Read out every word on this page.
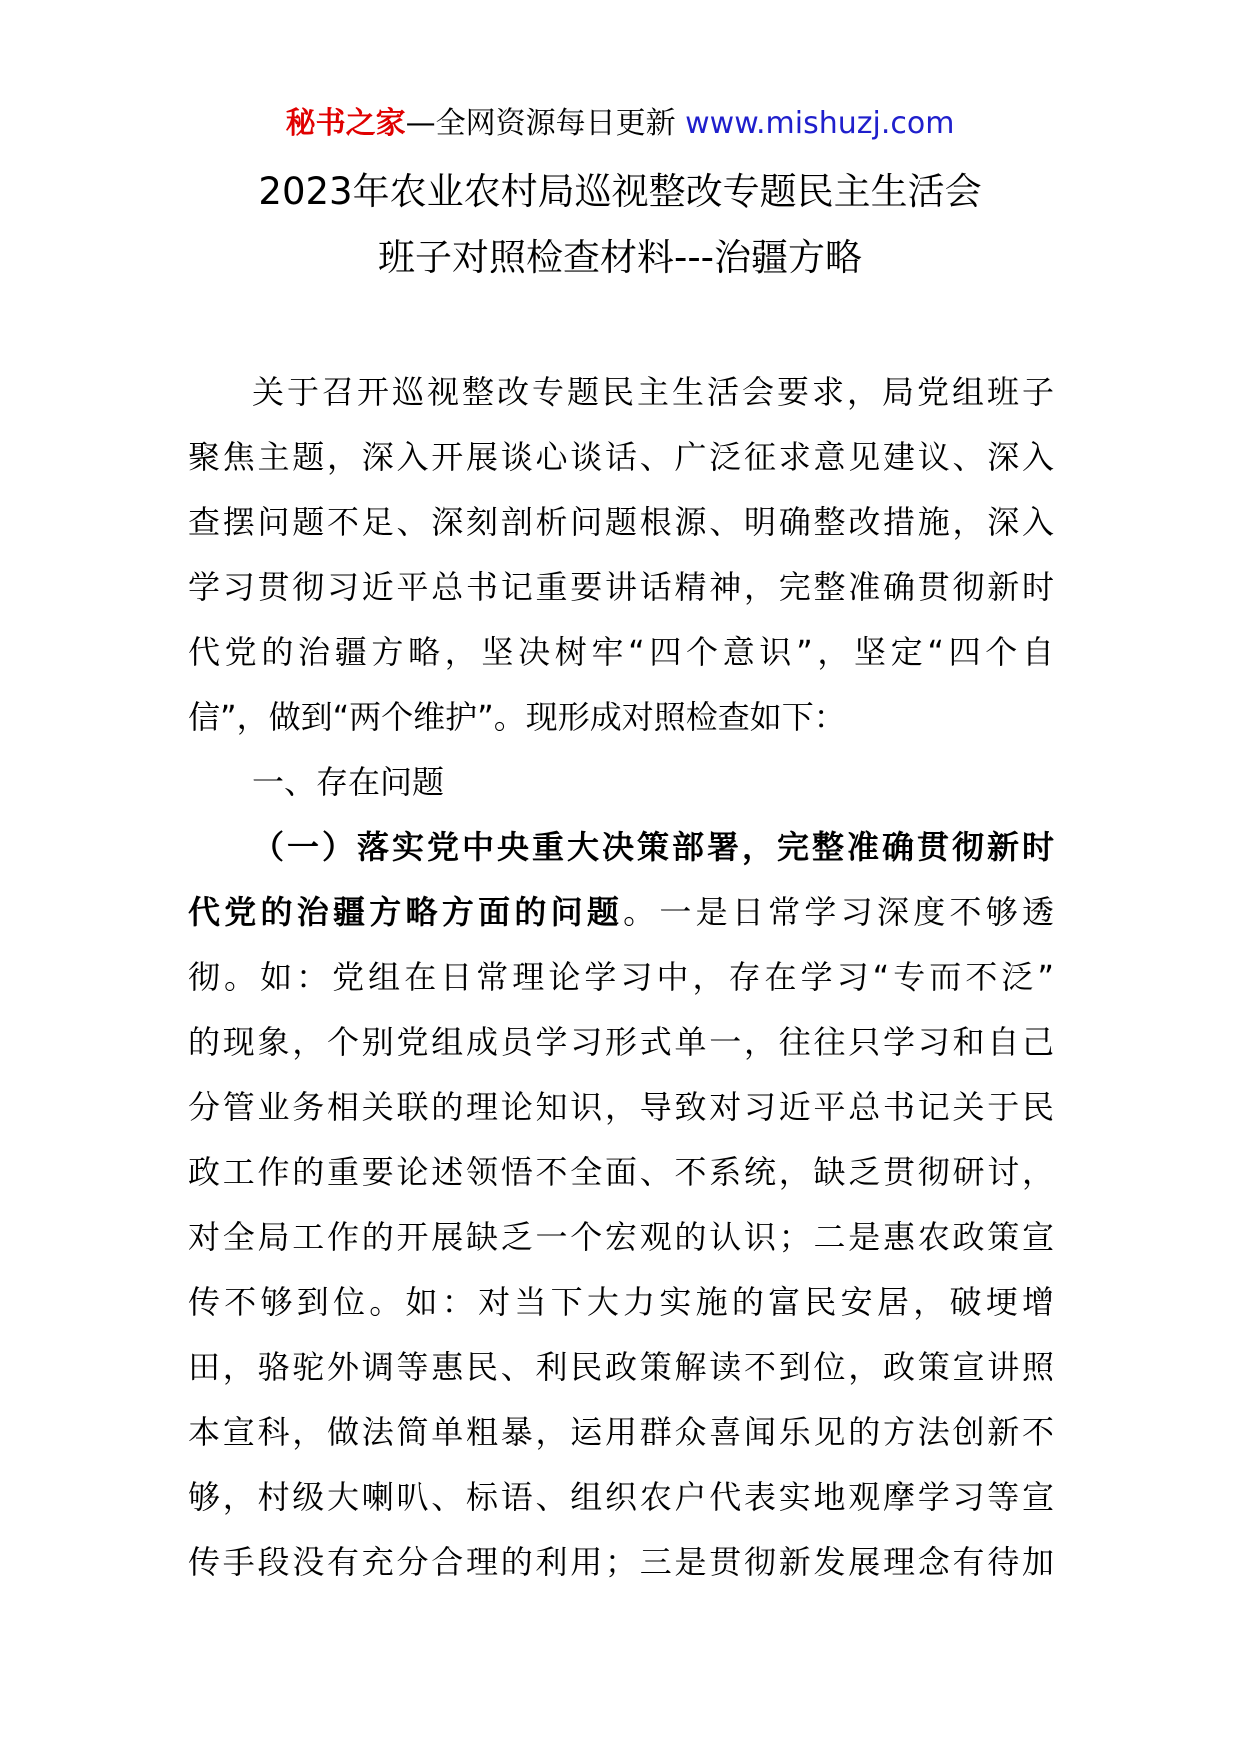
秘书之家—全网资源每日更新 www.mishuzj.com
2023年农业农村局巡视整改专题民主生活会
班子对照检查材料---治疆方略
关于召开巡视整改专题民主生活会要求，局党组班子
聚焦主题，深入开展谈心谈话、广泛征求意见建议、深入
查摆问题不足、深刻剖析问题根源、明确整改措施，深入
学习贯彻习近平总书记重要讲话精神，完整准确贯彻新时
代党的治疆方略，坚决树牢“四个意识”，坚定“四个自
信”，做到“两个维护”。现形成对照检查如下：
一、存在问题
（一）落实党中央重大决策部署，完整准确贯彻新时
代党的治疆方略方面的问题。一是日常学习深度不够透
彻。如：党组在日常理论学习中，存在学习“专而不泛”
的现象，个别党组成员学习形式单一，往往只学习和自己
分管业务相关联的理论知识，导致对习近平总书记关于民
政工作的重要论述领悟不全面、不系统，缺乏贯彻研讨，
对全局工作的开展缺乏一个宏观的认识；二是惠农政策宣
传不够到位。如：对当下大力实施的富民安居，破埂增
田，骆驼外调等惠民、利民政策解读不到位，政策宣讲照
本宣科，做法简单粗暴，运用群众喜闻乐见的方法创新不
够，村级大喇叭、标语、组织农户代表实地观摩学习等宣
传手段没有充分合理的利用；三是贯彻新发展理念有待加
